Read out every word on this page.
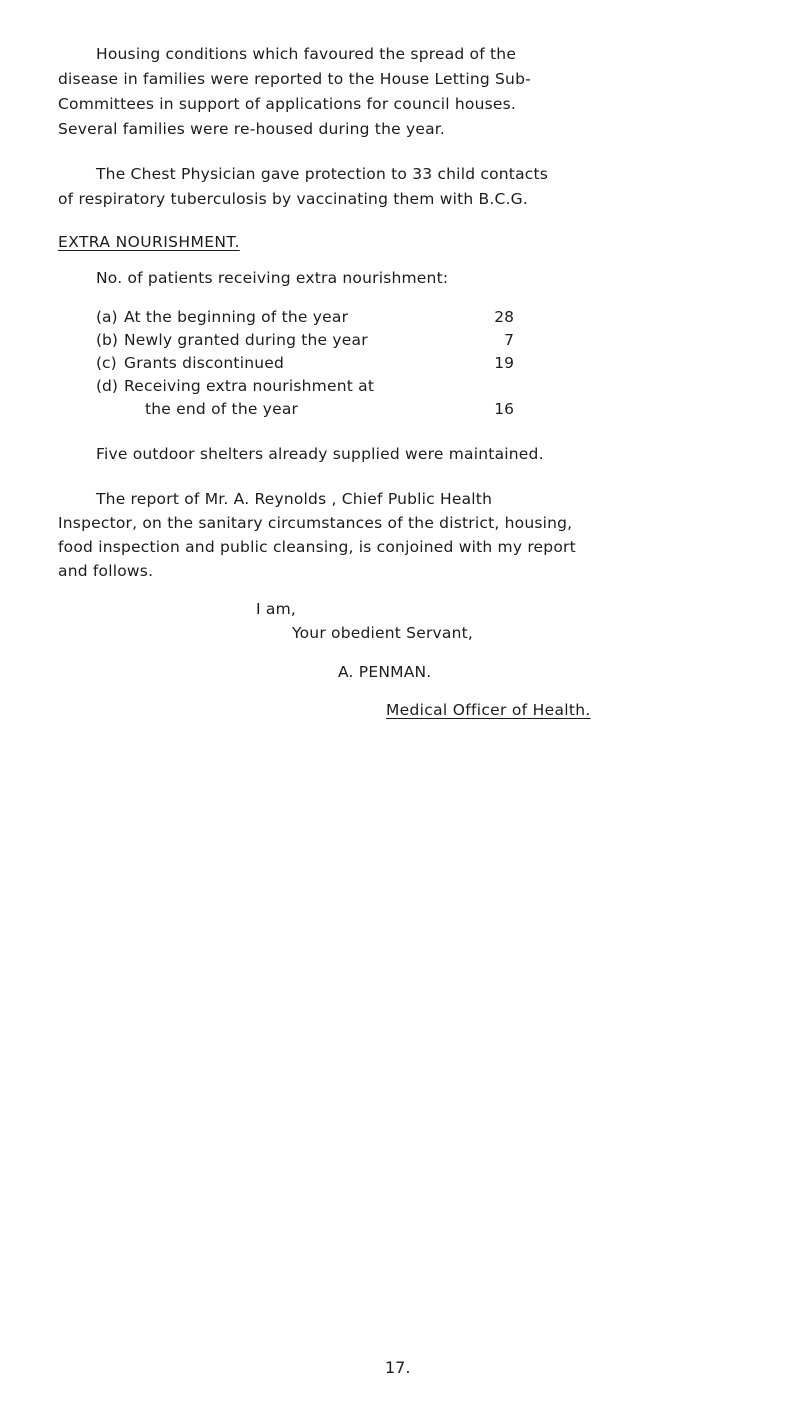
Housing conditions which favoured the spread of the
disease in families were reported to the House Letting Sub-
Committees in support of applications for council houses.
Several families were re-housed during the year.
The Chest Physician gave protection to 33 child contacts
of respiratory tuberculosis by vaccinating them with B.C.G.
EXTRA NOURISHMENT.
No. of patients receiving extra nourishment:
(a) At the beginning of the year	28
(b) Newly granted during the year	7
(c) Grants discontinued	19
(d) Receiving extra nourishment at
the end of the year	16
Five outdoor shelters already supplied were maintained.
The report of Mr. A. Reynolds , Chief Public Health
Inspector, on the sanitary circumstances of the district, housing,
food inspection and public cleansing, is conjoined with my report
and follows.
I am,
Your obedient Servant,
A. PENMAN.
Medical Officer of Health.
17.
